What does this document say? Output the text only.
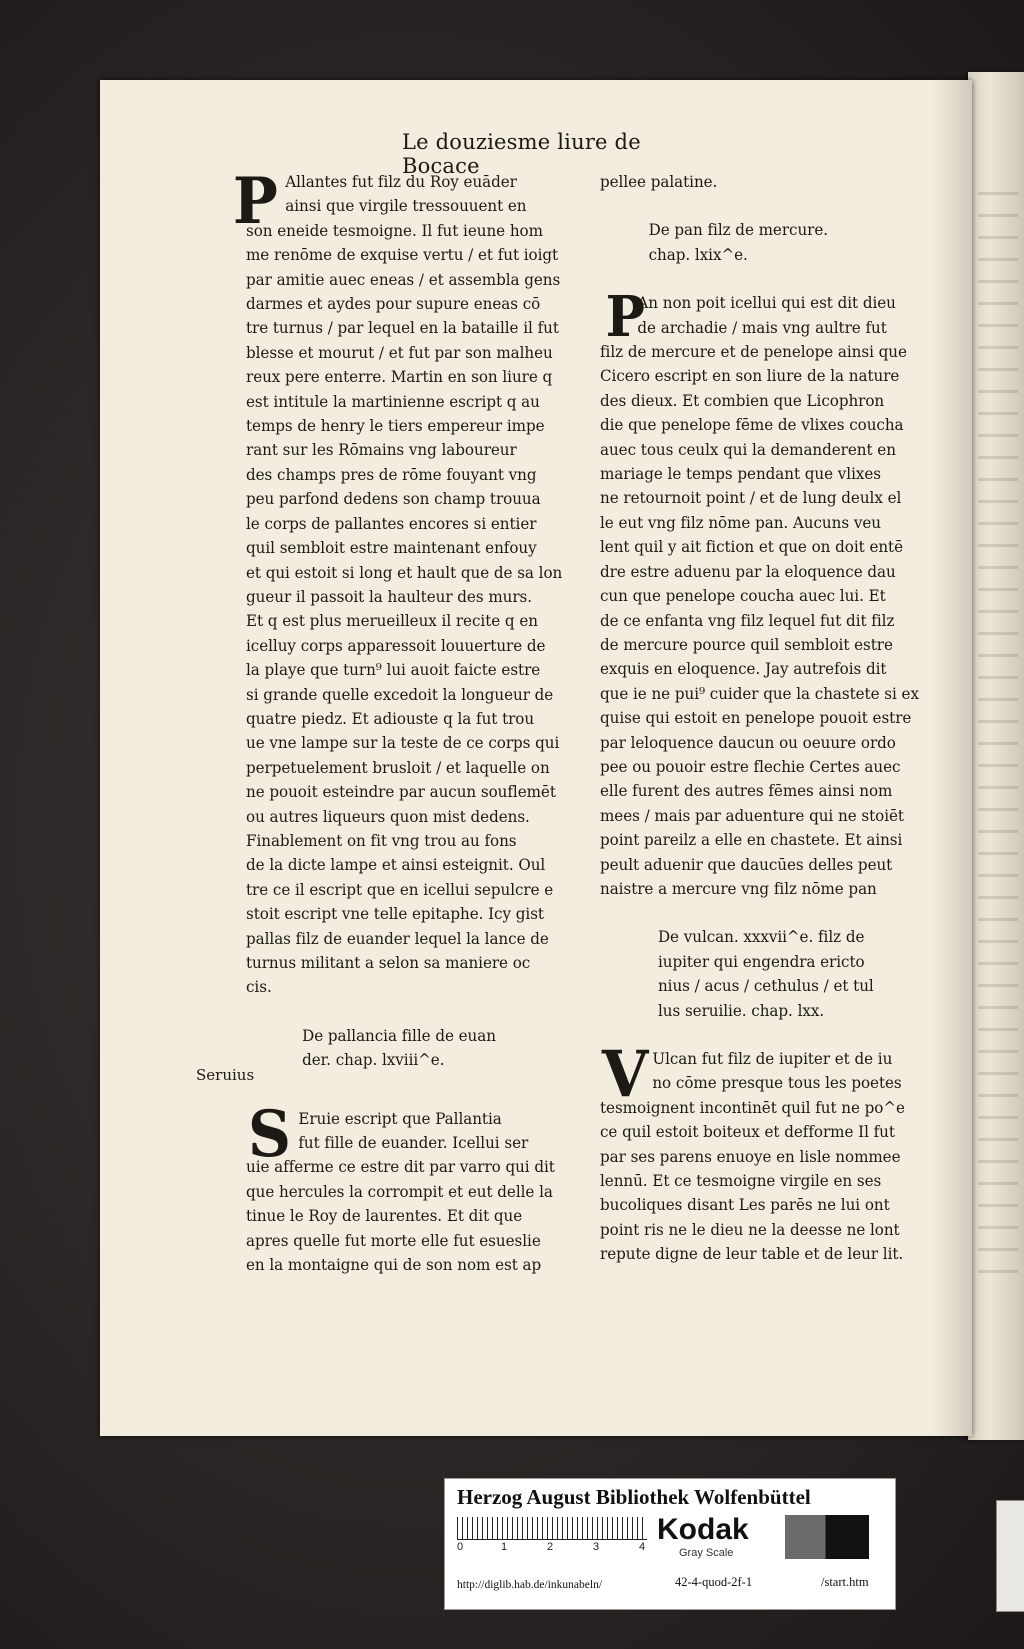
Le douziesme liure de Bocace
Seruius
P Allantes fut filz du Roy euāder
ainsi que virgile tressouuent en
son eneide tesmoigne. Il fut ieune hom
me renōme de exquise vertu / et fut ioigt
par amitie auec eneas / et assembla gens
darmes et aydes pour supure eneas cō
tre turnus / par lequel en la bataille il fut
blesse et mourut / et fut par son malheu
reux pere enterre. Martin en son liure q
est intitule la martinienne escript q au
temps de henry le tiers empereur impe
rant sur les Rōmains vng laboureur
des champs pres de rōme fouyant vng
peu parfond dedens son champ trouua
le corps de pallantes encores si entier
quil sembloit estre maintenant enfouy
et qui estoit si long et hault que de sa lon
gueur il passoit la haulteur des murs.
Et q est plus merueilleux il recite q en
icelluy corps apparessoit louuerture de
la playe que turn⁹ lui auoit faicte estre
si grande quelle excedoit la longueur de
quatre piedz. Et adiouste q la fut trou
ue vne lampe sur la teste de ce corps qui
perpetuelement brusloit / et laquelle on
ne pouoit esteindre par aucun souflemēt
ou autres liqueurs quon mist dedens.
Finablement on fit vng trou au fons
de la dicte lampe et ainsi esteignit. Oul
tre ce il escript que en icellui sepulcre e
stoit escript vne telle epitaphe. Icy gist
pallas filz de euander lequel la lance de
turnus militant a selon sa maniere oc
cis.
De pallancia fille de euan
der. chap. lxviii^e.
S Eruie escript que Pallantia
fut fille de euander. Icellui ser
uie afferme ce estre dit par varro qui dit
que hercules la corrompit et eut delle la
tinue le Roy de laurentes. Et dit que
apres quelle fut morte elle fut esueslie
en la montaigne qui de son nom est ap
pellee palatine.
De pan filz de mercure.
chap. lxix^e.
P
An non poit icellui qui est dit dieu
de archadie / mais vng aultre fut
filz de mercure et de penelope ainsi que
Cicero escript en son liure de la nature
des dieux. Et combien que Licophron
die que penelope fēme de vlixes coucha
auec tous ceulx qui la demanderent en
mariage le temps pendant que vlixes
ne retournoit point / et de lung deulx el
le eut vng filz nōme pan. Aucuns veu
lent quil y ait fiction et que on doit entē
dre estre aduenu par la eloquence dau
cun que penelope coucha auec lui. Et
de ce enfanta vng filz lequel fut dit filz
de mercure pource quil sembloit estre
exquis en eloquence. Jay autrefois dit
que ie ne pui⁹ cuider que la chastete si ex
quise qui estoit en penelope pouoit estre
par leloquence daucun ou oeuure ordo
pee ou pouoir estre flechie Certes auec
elle furent des autres fēmes ainsi nom
mees / mais par aduenture qui ne stoiēt
point pareilz a elle en chastete. Et ainsi
peult aduenir que daucūes delles peut
naistre a mercure vng filz nōme pan
De vulcan. xxxvii^e. filz de
iupiter qui engendra ericto
nius / acus / cethulus / et tul
lus seruilie. chap. lxx.
V Ulcan fut filz de iupiter et de iu
no cōme presque tous les poetes
tesmoignent incontinēt quil fut ne po^e
ce quil estoit boiteux et defforme Il fut
par ses parens enuoye en lisle nommee
lennū. Et ce tesmoigne virgile en ses
bucoliques disant Les parēs ne lui ont
point ris ne le dieu ne la deesse ne lont
repute digne de leur table et de leur lit.
Herzog August Bibliothek Wolfenbüttel
0	1	2	3	4
Kodak
Gray Scale
http://diglib.hab.de/inkunabeln/	42-4-quod-2f-1	/start.htm
